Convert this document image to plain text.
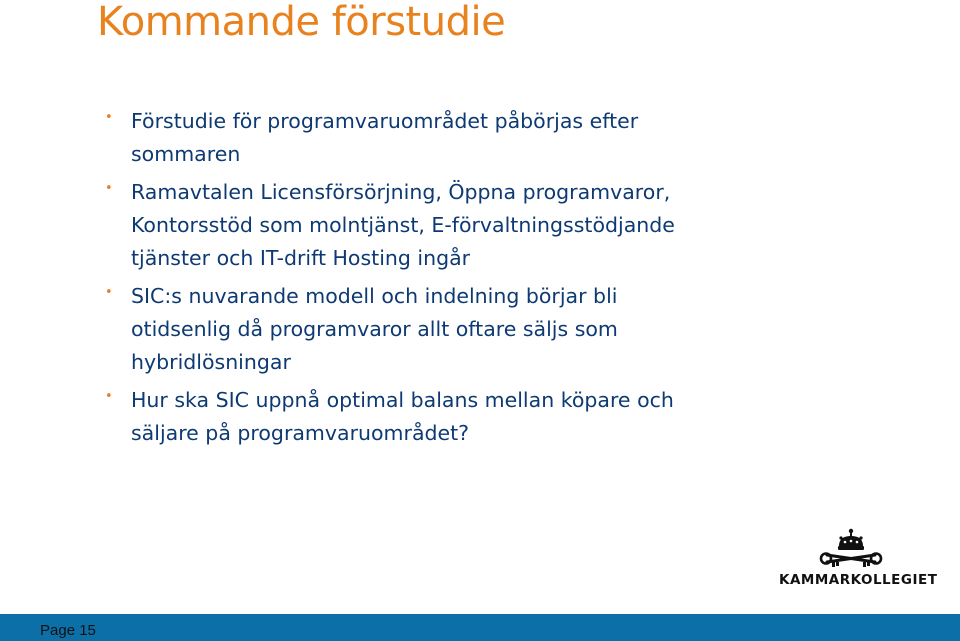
Kommande förstudie
• Förstudie för programvaruområdet påbörjas efter
sommaren
• Ramavtalen Licensförsörjning, Öppna programvaror,
Kontorsstöd som molntjänst, E-förvaltningsstödjande
tjänster och IT-drift Hosting ingår
• SIC:s nuvarande modell och indelning börjar bli
otidsenlig då programvaror allt oftare säljs som
hybridlösningar
• Hur ska SIC uppnå optimal balans mellan köpare och
säljare på programvaruområdet?
KAMMARKOLLEGIET
Page 15
